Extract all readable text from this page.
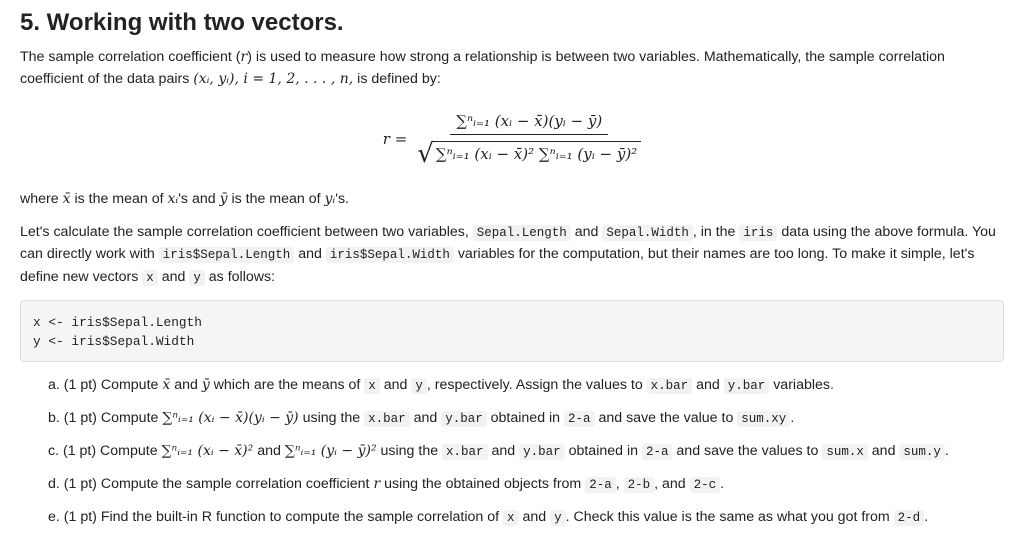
5. Working with two vectors.

The sample correlation coefficient (r) is used to measure how strong a relationship is between two variables. Mathematically, the sample correlation coefficient of the data pairs (xᵢ, yᵢ), i = 1, 2, . . . , n, is defined by:

$r = \frac{\text{∑ⁿᵢ₌₁ (xᵢ − x̄)(yᵢ − ȳ)}}{\text{√ ∑ⁿᵢ₌₁ (xᵢ − x̄)² ∑ⁿᵢ₌₁ (yᵢ − ȳ)²}}$

where x̄ is the mean of xᵢ's and ȳ is the mean of yᵢ's.

Let's calculate the sample correlation coefficient between two variables, Sepal.Length and Sepal.Width , in the iris data using the above formula. You can directly work with iris$Sepal.Length and iris$Sepal.Width variables for the computation, but their names are too long. To make it simple, let's define new vectors x and y as follows:

x <- iris$Sepal.Length
y <- iris$Sepal.Width
a. (1 pt) Compute x̄ and ȳ which are the means of x and y , respectively. Assign the values to x.bar and y.bar variables.
b. (1 pt) Compute ∑ⁿᵢ₌₁ (xᵢ − x̄)(yᵢ − ȳ) using the x.bar and y.bar obtained in 2-a and save the value to sum.xy .
c. (1 pt) Compute ∑ⁿᵢ₌₁ (xᵢ − x̄)² and ∑ⁿᵢ₌₁ (yᵢ − ȳ)² using the x.bar and y.bar obtained in 2-a and save the values to sum.x and sum.y .
d. (1 pt) Compute the sample correlation coefficient r using the obtained objects from 2-a , 2-b , and 2-c .
e. (1 pt) Find the built-in R function to compute the sample correlation of x and y . Check this value is the same as what you got from 2-d .
